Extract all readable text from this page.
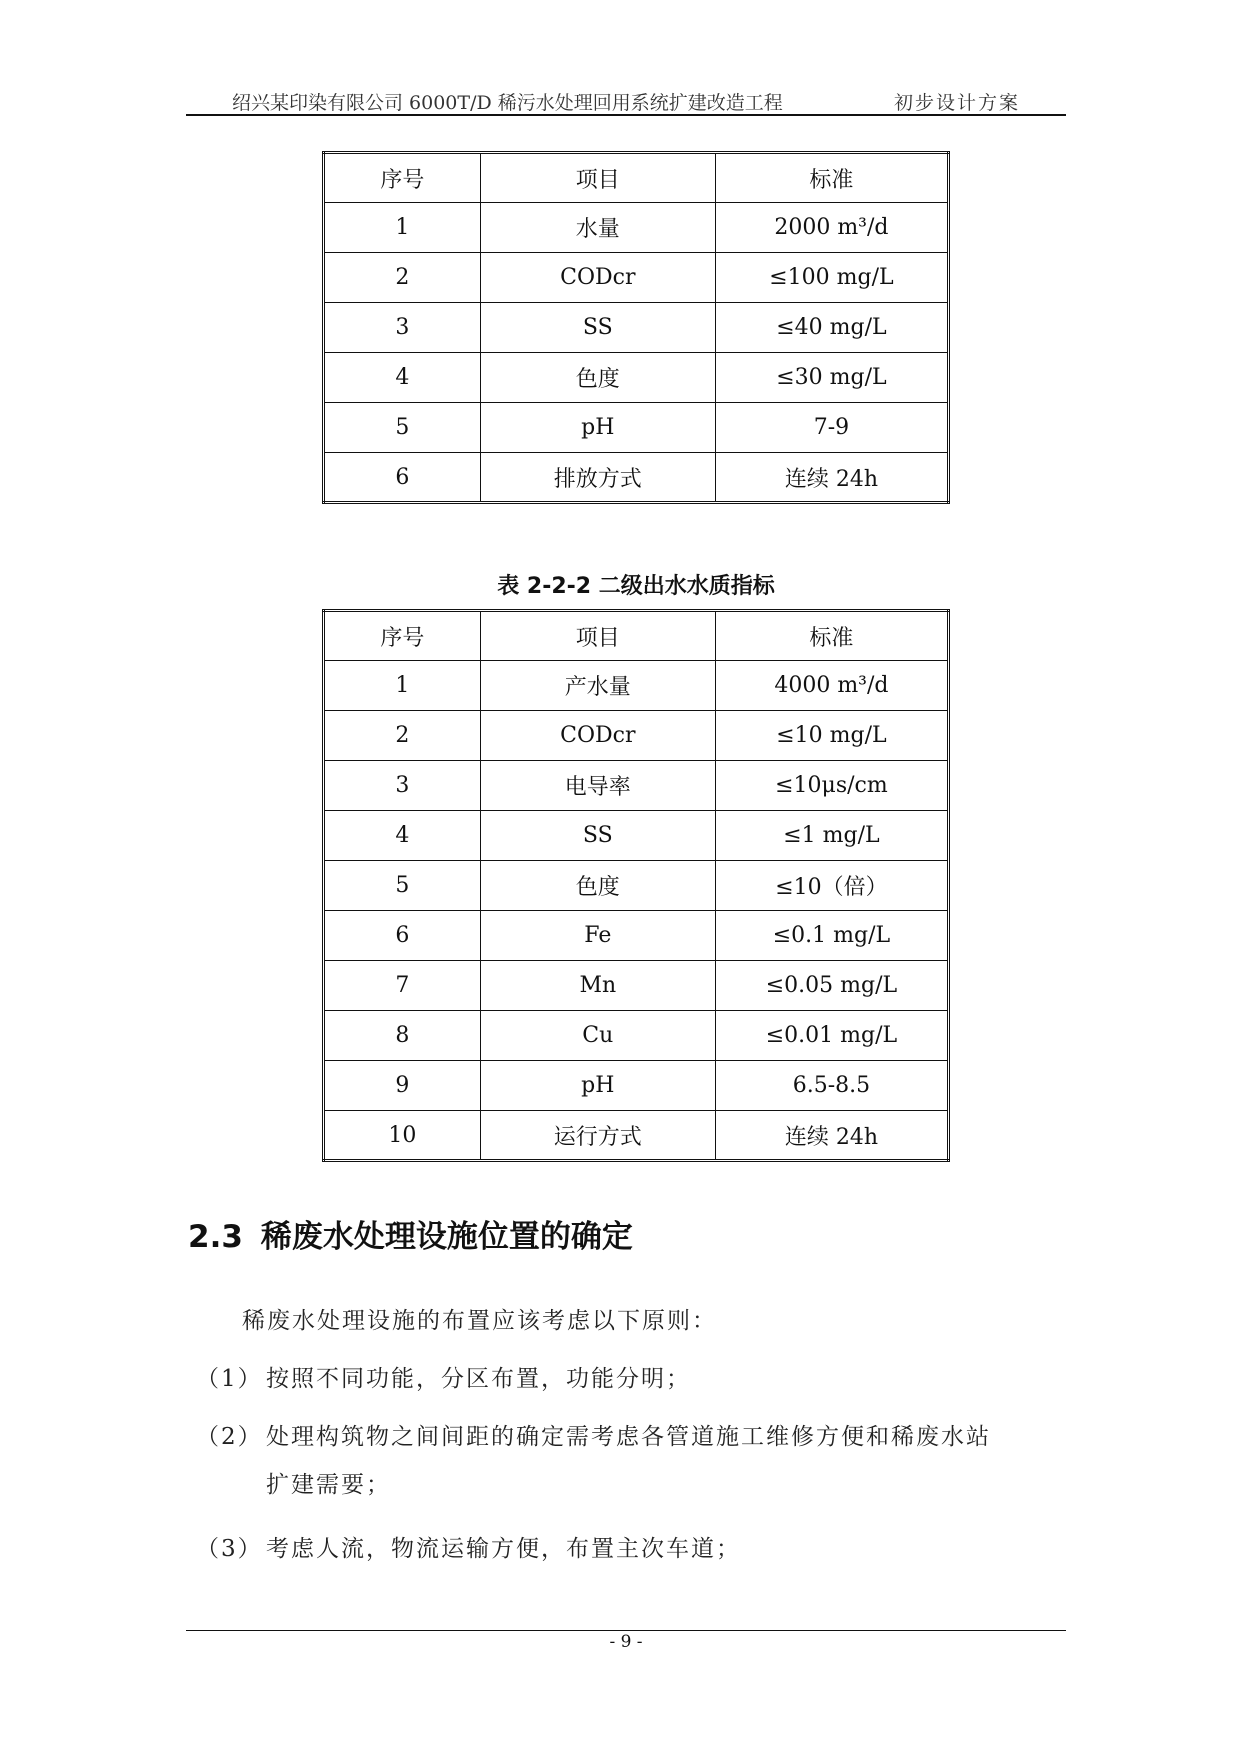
绍兴某印染有限公司 6000T/D 稀污水处理回用系统扩建改造工程	初步设计方案
序号	项目	标准
1	水量	2000 m³/d
2	CODcr	≤100 mg/L
3	SS	≤40 mg/L
4	色度	≤30 mg/L
5	pH	7-9
6	排放方式	连续 24h
表 2-2-2 二级出水水质指标
序号	项目	标准
1	产水量	4000 m³/d
2	CODcr	≤10 mg/L
3	电导率	≤10μs/cm
4	SS	≤1 mg/L
5	色度	≤10（倍）
6	Fe	≤0.1 mg/L
7	Mn	≤0.05 mg/L
8	Cu	≤0.01 mg/L
9	pH	6.5-8.5
10	运行方式	连续 24h
2.3 稀废水处理设施位置的确定
稀废水处理设施的布置应该考虑以下原则：
（1） 按照不同功能，分区布置，功能分明；
（2） 处理构筑物之间间距的确定需考虑各管道施工维修方便和稀废水站
扩建需要；
（3） 考虑人流，物流运输方便，布置主次车道；
- 9 -
